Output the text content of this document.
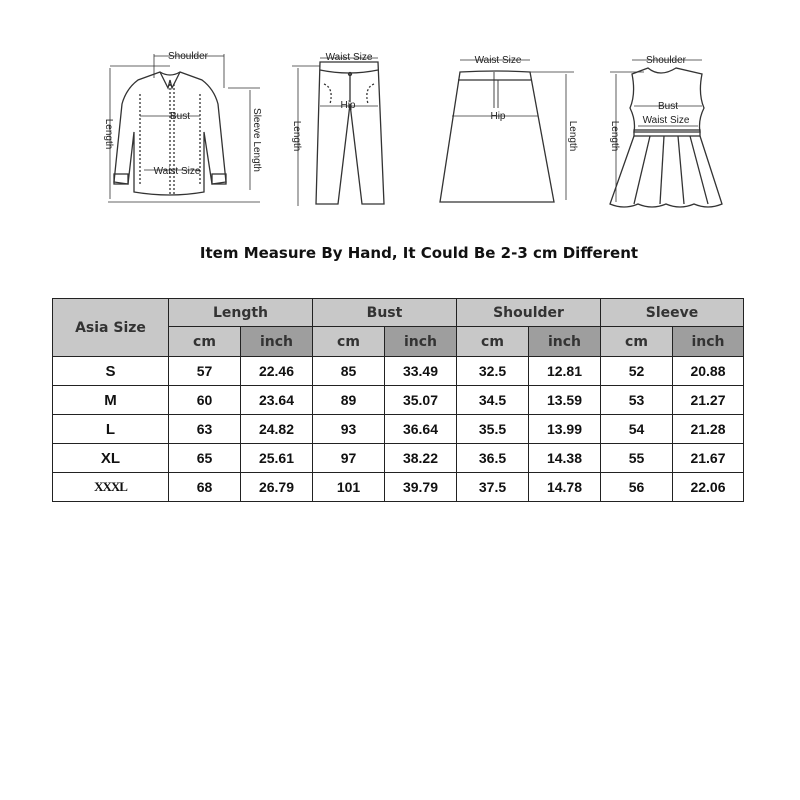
Shoulder
Bust
Waist Size
Length	Sleeve Length
Waist Size
Hip
Length
Waist Size
Hip
Length
Shoulder
Bust
Waist Size
Length
Item Measure By Hand, It Could Be 2-3 cm Different
Asia Size	Length		Bust		Shoulder		Sleeve	
	cm	inch	cm	inch	cm	inch	cm	inch
S	57	22.46	85	33.49	32.5	12.81	52	20.88
M	60	23.64	89	35.07	34.5	13.59	53	21.27
L	63	24.82	93	36.64	35.5	13.99	54	21.28
XL	65	25.61	97	38.22	36.5	14.38	55	21.67
XXXL	68	26.79	101	39.79	37.5	14.78	56	22.06
